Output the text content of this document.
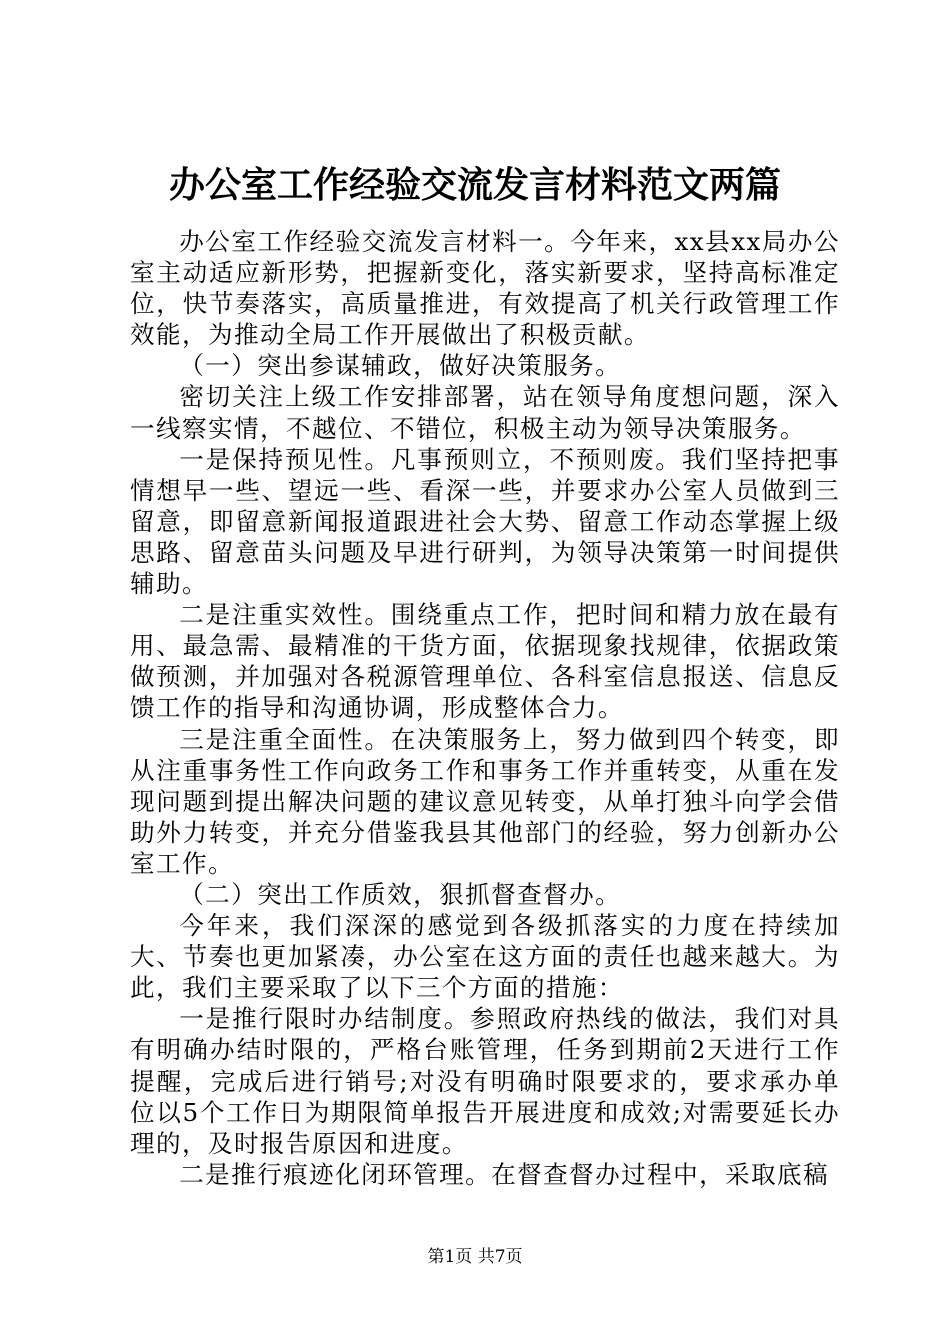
办公室工作经验交流发言材料范文两篇

办公室工作经验交流发言材料一。今年来，xx县xx局办公室主动适应新形势，把握新变化，落实新要求，坚持高标准定位，快节奏落实，高质量推进，有效提高了机关行政管理工作效能，为推动全局工作开展做出了积极贡献。

（一）突出参谋辅政，做好决策服务。

密切关注上级工作安排部署，站在领导角度想问题，深入一线察实情，不越位、不错位，积极主动为领导决策服务。

一是保持预见性。凡事预则立，不预则废。我们坚持把事情想早一些、望远一些、看深一些，并要求办公室人员做到三留意，即留意新闻报道跟进社会大势、留意工作动态掌握上级思路、留意苗头问题及早进行研判，为领导决策第一时间提供辅助。

二是注重实效性。围绕重点工作，把时间和精力放在最有用、最急需、最精准的干货方面，依据现象找规律，依据政策做预测，并加强对各税源管理单位、各科室信息报送、信息反馈工作的指导和沟通协调，形成整体合力。

三是注重全面性。在决策服务上，努力做到四个转变，即从注重事务性工作向政务工作和事务工作并重转变，从重在发现问题到提出解决问题的建议意见转变，从单打独斗向学会借助外力转变，并充分借鉴我县其他部门的经验，努力创新办公室工作。

（二）突出工作质效，狠抓督查督办。

今年来，我们深深的感觉到各级抓落实的力度在持续加大、节奏也更加紧凑，办公室在这方面的责任也越来越大。为此，我们主要采取了以下三个方面的措施：

一是推行限时办结制度。参照政府热线的做法，我们对具有明确办结时限的，严格台账管理，任务到期前2天进行工作提醒，完成后进行销号;对没有明确时限要求的，要求承办单位以5个工作日为期限简单报告开展进度和成效;对需要延长办理的，及时报告原因和进度。

二是推行痕迹化闭环管理。在督查督办过程中，采取底稿

第1页 共7页
